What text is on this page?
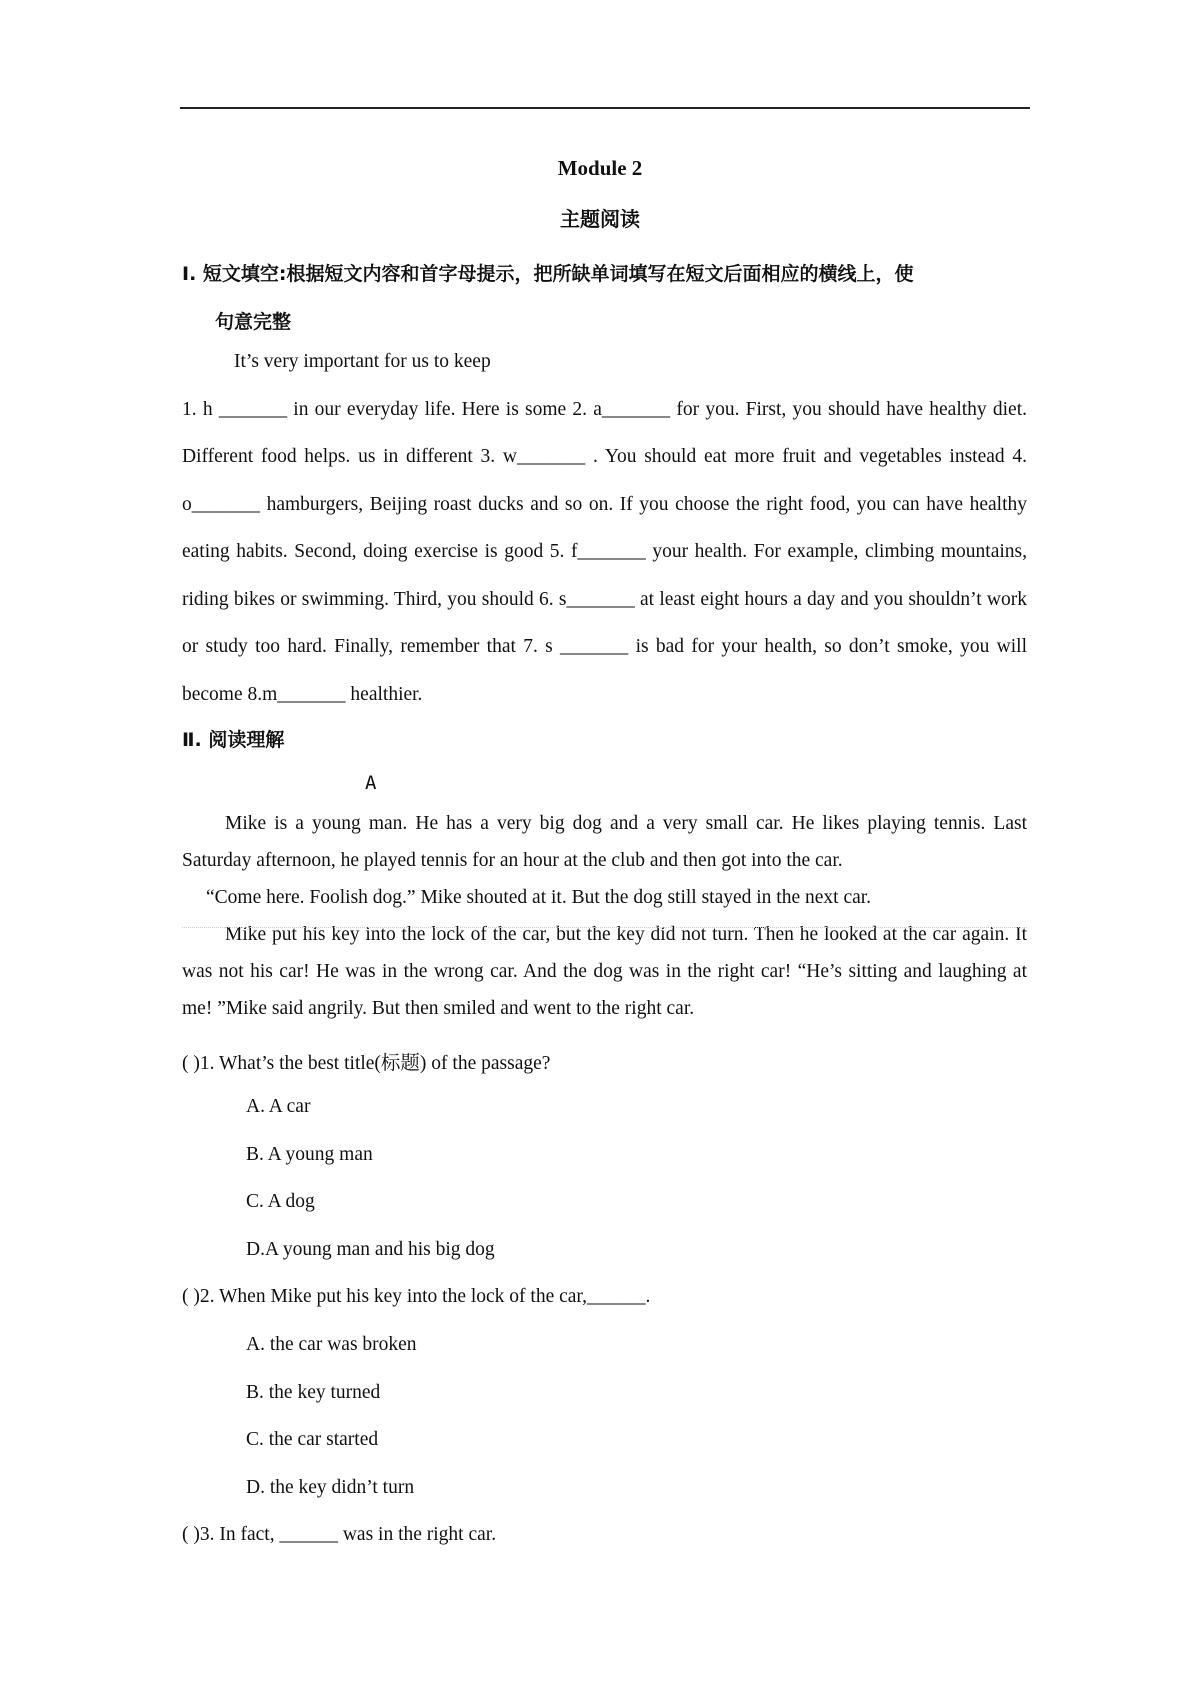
Module 2
主题阅读
Ⅰ. 短文填空:根据短文内容和首字母提示，把所缺单词填写在短文后面相应的横线上，使
句意完整
It’s very important for us to keep
1. h _______ in our everyday life. Here is some 2. a_______ for you. First, you should have healthy diet. Different food helps. us in different 3. w_______ . You should eat more fruit and vegetables instead 4. o_______ hamburgers, Beijing roast ducks and so on. If you choose the right food, you can have healthy eating habits. Second, doing exercise is good 5. f_______ your health. For example, climbing mountains, riding bikes or swimming. Third, you should 6. s_______ at least eight hours a day and you shouldn’t work or study too hard. Finally, remember that 7. s _______ is bad for your health, so don’t smoke, you will become 8.m_______ healthier.
Ⅱ. 阅读理解
A

Mike is a young man. He has a very big dog and a very small car. He likes playing tennis. Last Saturday afternoon, he played tennis for an hour at the club and then got into the car.

“Come here. Foolish dog.” Mike shouted at it. But the dog still stayed in the next car.

Mike put his key into the lock of the car, but the key did not turn. Then he looked at the car again. It was not his car! He was in the wrong car. And the dog was in the right car! “He’s sitting and laughing at me! ”Mike said angrily. But then smiled and went to the right car.

( )1. What’s the best title(标题) of the passage?
A. A car
B. A young man
C. A dog
D.A young man and his big dog
( )2. When Mike put his key into the lock of the car,______.
A. the car was broken
B. the key turned
C. the car started
D. the key didn’t turn
( )3. In fact, ______ was in the right car.
